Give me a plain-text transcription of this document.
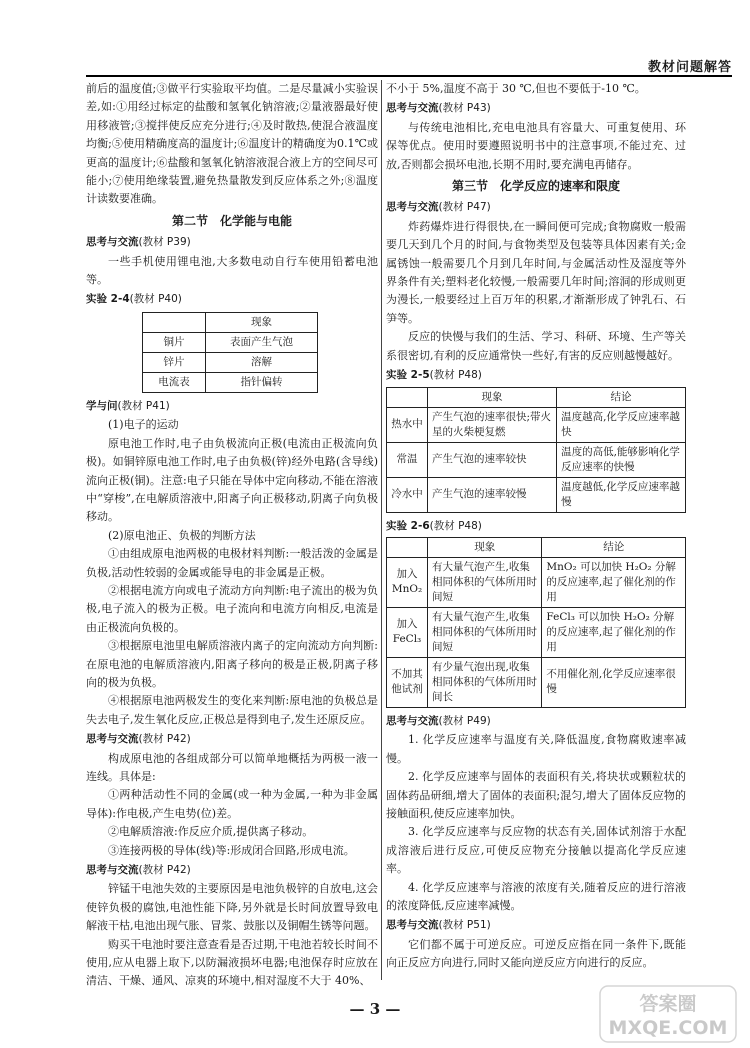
教材问题解答

前后的温度值;③做平行实验取平均值。二是尽量减小实验误差,如:①用经过标定的盐酸和氢氧化钠溶液;②量液器最好使用移液管;③搅拌使反应充分进行;④及时散热,使混合液温度均衡;⑤使用精确度高的温度计;⑥温度计的精确度为0.1℃或更高的温度计;⑥盐酸和氢氧化钠溶液混合液上方的空间尽可能小;⑦使用绝缘装置,避免热量散发到反应体系之外;⑧温度计读数要准确。

第二节　化学能与电能
思考与交流(教材 P39)

一些手机使用锂电池,大多数电动自行车使用铅蓄电池等。

实验 2-4(教材 P40)
	现象
铜片	表面产生气泡
锌片	溶解
电流表	指针偏转
学与问(教材 P41)

(1)电子的运动

原电池工作时,电子由负极流向正极(电流由正极流向负极)。如铜锌原电池工作时,电子由负极(锌)经外电路(含导线)流向正极(铜)。注意:电子只能在导体中定向移动,不能在溶液中“穿梭”,在电解质溶液中,阳离子向正极移动,阴离子向负极移动。

(2)原电池正、负极的判断方法

①由组成原电池两极的电极材料判断:一般活泼的金属是负极,活动性较弱的金属或能导电的非金属是正极。

②根据电流方向或电子流动方向判断:电子流出的极为负极,电子流入的极为正极。电子流向和电流方向相反,电流是由正极流向负极的。

③根据原电池里电解质溶液内离子的定向流动方向判断:在原电池的电解质溶液内,阳离子移向的极是正极,阴离子移向的极为负极。

④根据原电池两极发生的变化来判断:原电池的负极总是失去电子,发生氧化反应,正极总是得到电子,发生还原反应。

思考与交流(教材 P42)

构成原电池的各组成部分可以简单地概括为两极一液一连线。具体是:

①两种活动性不同的金属(或一种为金属,一种为非金属导体):作电极,产生电势(位)差。

②电解质溶液:作反应介质,提供离子移动。

③连接两极的导体(线)等:形成闭合回路,形成电流。

思考与交流(教材 P42)

锌锰干电池失效的主要原因是电池负极锌的自放电,这会使锌负极的腐蚀,电池性能下降,另外就是长时间放置导致电解液干枯,电池出现气胀、冒浆、鼓胀以及铜帽生锈等问题。

购买干电池时要注意查看是否过期,干电池若较长时间不使用,应从电器上取下,以防漏液损坏电器;电池保存时应放在清洁、干燥、通风、凉爽的环境中,相对湿度不大于 40%、

不小于 5%,温度不高于 30 ℃,但也不要低于-10 ℃。

思考与交流(教材 P43)

与传统电池相比,充电电池具有容量大、可重复使用、环保等优点。使用时要遵照说明书中的注意事项,不能过充、过放,否则都会损坏电池,长期不用时,要充满电再储存。

第三节　化学反应的速率和限度
思考与交流(教材 P47)

炸药爆炸进行得很快,在一瞬间便可完成;食物腐败一般需要几天到几个月的时间,与食物类型及包装等具体因素有关;金属锈蚀一般需要几个月到几年时间,与金属活动性及湿度等外界条件有关;塑料老化较慢,一般需要几年时间;溶洞的形成则更为漫长,一般要经过上百万年的积累,才渐渐形成了钟乳石、石笋等。

反应的快慢与我们的生活、学习、科研、环境、生产等关系很密切,有利的反应通常快一些好,有害的反应则越慢越好。

实验 2-5(教材 P48)
	现象	结论
热水中	产生气泡的速率很快;带火星的火柴梗复燃	温度越高,化学反应速率越快
常温	产生气泡的速率较快	温度的高低,能够影响化学反应速率的快慢
冷水中	产生气泡的速率较慢	温度越低,化学反应速率越慢
实验 2-6(教材 P48)
	现象	结论
加入 MnO₂	有大量气泡产生,收集相同体积的气体所用时间短	MnO₂ 可以加快 H₂O₂ 分解的反应速率,起了催化剂的作用
加入 FeCl₃	有大量气泡产生,收集相同体积的气体所用时间短	FeCl₃ 可以加快 H₂O₂ 分解的反应速率,起了催化剂的作用
不加其他试剂	有少量气泡出现,收集相同体积的气体所用时间长	不用催化剂,化学反应速率很慢
思考与交流(教材 P49)

1. 化学反应速率与温度有关,降低温度,食物腐败速率减慢。

2. 化学反应速率与固体的表面积有关,将块状或颗粒状的固体药品研细,增大了固体的表面积;混匀,增大了固体反应物的接触面积,使反应速率加快。

3. 化学反应速率与反应物的状态有关,固体试剂溶于水配成溶液后进行反应,可使反应物充分接触以提高化学反应速率。

4. 化学反应速率与溶液的浓度有关,随着反应的进行溶液的浓度降低,反应速率减慢。

思考与交流(教材 P51)

它们都不属于可逆反应。可逆反应指在同一条件下,既能向正反应方向进行,同时又能向逆反应方向进行的反应。

— 3 —	答案圈
MXQE.COM
